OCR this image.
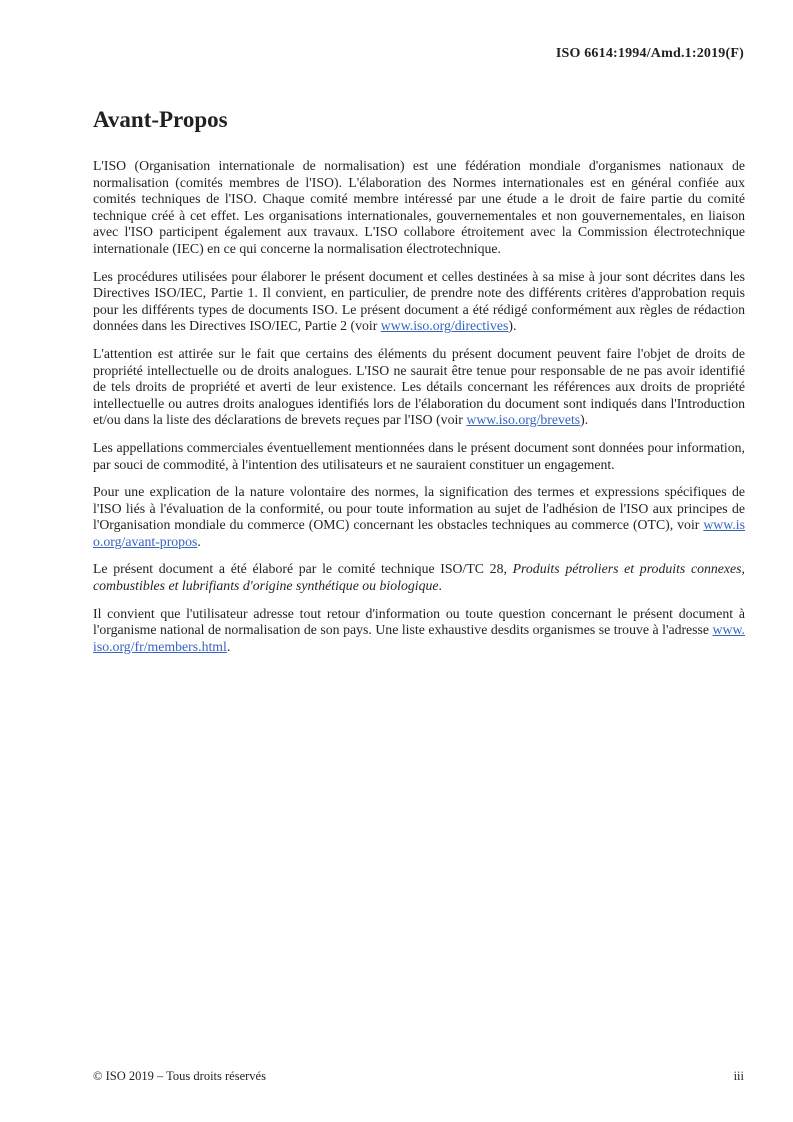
ISO 6614:1994/Amd.1:2019(F)
Avant-Propos

L'ISO (Organisation internationale de normalisation) est une fédération mondiale d'organismes nationaux de normalisation (comités membres de l'ISO). L'élaboration des Normes internationales est en général confiée aux comités techniques de l'ISO. Chaque comité membre intéressé par une étude a le droit de faire partie du comité technique créé à cet effet. Les organisations internationales, gouvernementales et non gouvernementales, en liaison avec l'ISO participent également aux travaux. L'ISO collabore étroitement avec la Commission électrotechnique internationale (IEC) en ce qui concerne la normalisation électrotechnique.

Les procédures utilisées pour élaborer le présent document et celles destinées à sa mise à jour sont décrites dans les Directives ISO/IEC, Partie 1. Il convient, en particulier, de prendre note des différents critères d'approbation requis pour les différents types de documents ISO. Le présent document a été rédigé conformément aux règles de rédaction données dans les Directives ISO/IEC, Partie 2 (voir www.iso.org/directives).

L'attention est attirée sur le fait que certains des éléments du présent document peuvent faire l'objet de droits de propriété intellectuelle ou de droits analogues. L'ISO ne saurait être tenue pour responsable de ne pas avoir identifié de tels droits de propriété et averti de leur existence. Les détails concernant les références aux droits de propriété intellectuelle ou autres droits analogues identifiés lors de l'élaboration du document sont indiqués dans l'Introduction et/ou dans la liste des déclarations de brevets reçues par l'ISO (voir www.iso.org/brevets).

Les appellations commerciales éventuellement mentionnées dans le présent document sont données pour information, par souci de commodité, à l'intention des utilisateurs et ne sauraient constituer un engagement.

Pour une explication de la nature volontaire des normes, la signification des termes et expressions spécifiques de l'ISO liés à l'évaluation de la conformité, ou pour toute information au sujet de l'adhésion de l'ISO aux principes de l'Organisation mondiale du commerce (OMC) concernant les obstacles techniques au commerce (OTC), voir www.iso.org/avant-propos.

Le présent document a été élaboré par le comité technique ISO/TC 28, Produits pétroliers et produits connexes, combustibles et lubrifiants d'origine synthétique ou biologique.

Il convient que l'utilisateur adresse tout retour d'information ou toute question concernant le présent document à l'organisme national de normalisation de son pays. Une liste exhaustive desdits organismes se trouve à l'adresse www.iso.org/fr/members.html.

© ISO 2019 – Tous droits réservés	iii
